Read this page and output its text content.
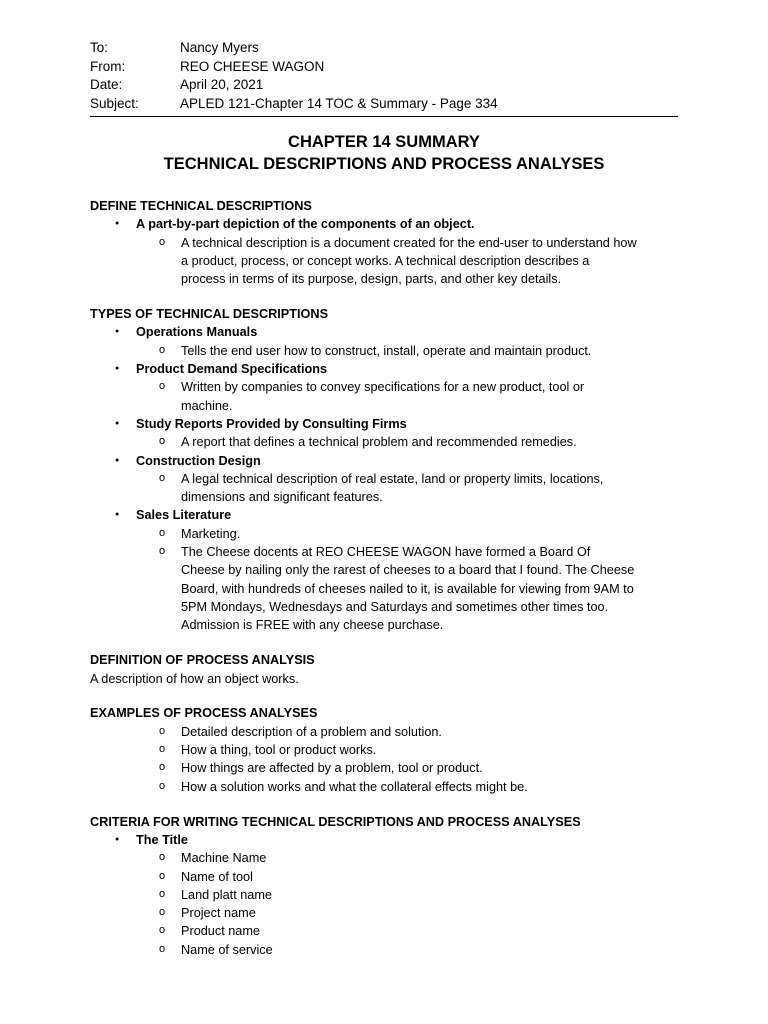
To:	Nancy Myers
From:	REO CHEESE WAGON
Date:	April 20, 2021
Subject:	APLED 121-Chapter 14 TOC & Summary - Page 334
CHAPTER 14 SUMMARY
TECHNICAL DESCRIPTIONS AND PROCESS ANALYSES
DEFINE TECHNICAL DESCRIPTIONS
● A part-by-part depiction of the components of an object.
o A technical description is a document created for the end-user to understand how
a product, process, or concept works. A technical description describes a
process in terms of its purpose, design, parts, and other key details.
TYPES OF TECHNICAL DESCRIPTIONS
● Operations Manuals
o Tells the end user how to construct, install, operate and maintain product.
● Product Demand Specifications
o Written by companies to convey specifications for a new product, tool or
machine.
● Study Reports Provided by Consulting Firms
o A report that defines a technical problem and recommended remedies.
● Construction Design
o A legal technical description of real estate, land or property limits, locations,
dimensions and significant features.
● Sales Literature
o Marketing.
o The Cheese docents at REO CHEESE WAGON have formed a Board Of
Cheese by nailing only the rarest of cheeses to a board that I found. The Cheese
Board, with hundreds of cheeses nailed to it, is available for viewing from 9AM to
5PM Mondays, Wednesdays and Saturdays and sometimes other times too.
Admission is FREE with any cheese purchase.
DEFINITION OF PROCESS ANALYSIS
A description of how an object works.
EXAMPLES OF PROCESS ANALYSES
o Detailed description of a problem and solution.
o How a thing, tool or product works.
o How things are affected by a problem, tool or product.
o How a solution works and what the collateral effects might be.
CRITERIA FOR WRITING TECHNICAL DESCRIPTIONS AND PROCESS ANALYSES
● The Title
o Machine Name
o Name of tool
o Land platt name
o Project name
o Product name
o Name of service
